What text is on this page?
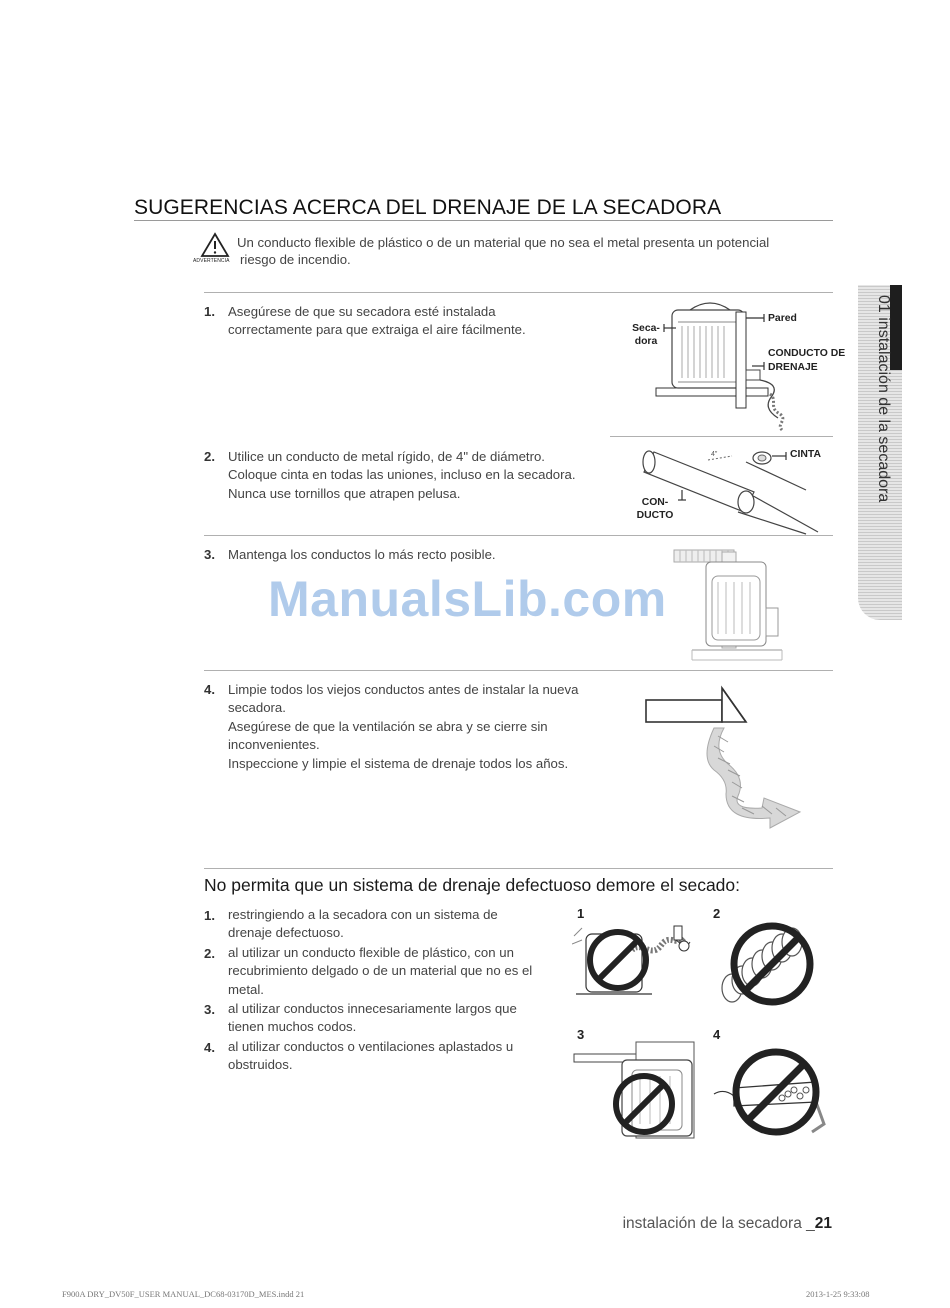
SUGERENCIAS ACERCA DEL DRENAJE DE LA SECADORA
ADVERTENCIA
Un conducto flexible de plástico o de un material que no sea el metal presenta un potencial
riesgo de incendio.
1. Asegúrese de que su secadora esté instalada
correctamente para que extraiga el aire fácilmente.	Seca-
dora
Pared
CONDUCTO DE
DRENAJE
2. Utilice un conducto de metal rígido, de 4" de diámetro.
Coloque cinta en todas las uniones, incluso en la secadora.
Nunca use tornillos que atrapen pelusa.
4"	CINTA
CON-
DUCTO
3. Mantenga los conductos lo más recto posible.
ManualsLib.com
4. Limpie todos los viejos conductos antes de instalar la nueva
secadora.
Asegúrese de que la ventilación se abra y se cierre sin
inconvenientes.
Inspeccione y limpie el sistema de drenaje todos los años.
No permita que un sistema de drenaje defectuoso demore el secado:
1. restringiendo a la secadora con un sistema de
drenaje defectuoso.
2. al utilizar un conducto flexible de plástico, con un
recubrimiento delgado o de un material que no es el
metal.
3. al utilizar conductos innecesariamente largos que
tienen muchos codos.
4. al utilizar conductos o ventilaciones aplastados u
obstruidos.
1	2
3	4
01 instalación de la secadora
instalación de la secadora _21
F900A DRY_DV50F_USER MANUAL_DC68-03170D_MES.indd 21	2013-1-25 9:33:08
